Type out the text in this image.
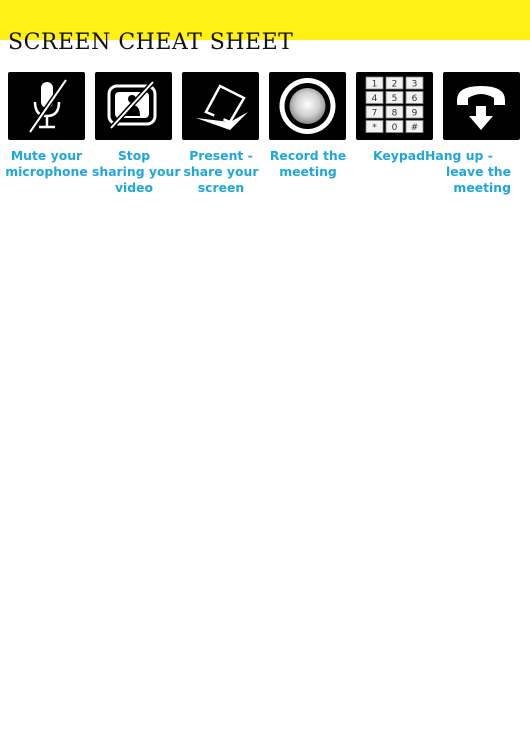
SCREEN CHEAT SHEET
1 2 3
4 5 6
7 8 9
* 0 #
Mute your
microphone
Stop
sharing your
video
Present -
share your
screen
Record the
meeting
Keypad Hang up -
leave the
meeting
